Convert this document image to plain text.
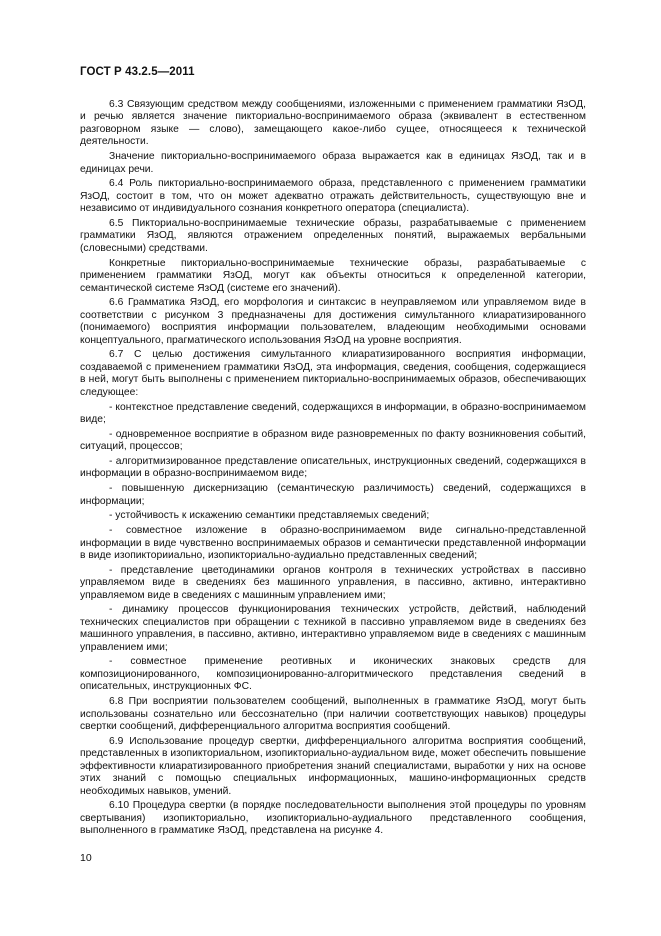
ГОСТ Р 43.2.5—2011

6.3 Связующим средством между сообщениями, изложенными с применением грамматики ЯзОД, и речью является значение пикториально-воспринимаемого образа (эквивалент в естественном разговорном языке — слово), замещающего какое-либо сущее, относящееся к технической деятельности.

Значение пикториально-воспринимаемого образа выражается как в единицах ЯзОД, так и в единицах речи.

6.4 Роль пикториально-воспринимаемого образа, представленного с применением грамматики ЯзОД, состоит в том, что он может адекватно отражать действительность, существующую вне и независимо от индивидуального сознания конкретного оператора (специалиста).

6.5 Пикториально-воспринимаемые технические образы, разрабатываемые с применением грамматики ЯзОД, являются отражением определенных понятий, выражаемых вербальными (словесными) средствами.

Конкретные пикториально-воспринимаемые технические образы, разрабатываемые с применением грамматики ЯзОД, могут как объекты относиться к определенной категории, семантической системе ЯзОД (системе его значений).

6.6 Грамматика ЯзОД, его морфология и синтаксис в неуправляемом или управляемом виде в соответствии с рисунком 3 предназначены для достижения симультанного клиаратизированного (понимаемого) восприятия информации пользователем, владеющим необходимыми основами концептуального, прагматического использования ЯзОД на уровне восприятия.

6.7 С целью достижения симультанного клиаратизированного восприятия информации, создаваемой с применением грамматики ЯзОД, эта информация, сведения, сообщения, содержащиеся в ней, могут быть выполнены с применением пикториально-воспринимаемых образов, обеспечивающих следующее:

- контекстное представление сведений, содержащихся в информации, в образно-воспринимаемом виде;

- одновременное восприятие в образном виде разновременных по факту возникновения событий, ситуаций, процессов;

- алгоритмизированное представление описательных, инструкционных сведений, содержащихся в информации в образно-воспринимаемом виде;

- повышенную дискернизацию (семантическую различимость) сведений, содержащихся в информации;

- устойчивость к искажению семантики представляемых сведений;

- совместное изложение в образно-воспринимаемом виде сигнально-представленной информации в виде чувственно воспринимаемых образов и семантически представленной информации в виде изопикторииально, изопикториально-аудиально представленных сведений;

- представление цветодинамики органов контроля в технических устройствах в пассивно управляемом виде в сведениях без машинного управления, в пассивно, активно, интерактивно управляемом виде в сведениях с машинным управлением ими;

- динамику процессов функционирования технических устройств, действий, наблюдений технических специалистов при обращении с техникой в пассивно управляемом виде в сведениях без машинного управления, в пассивно, активно, интерактивно управляемом виде в сведениях с машинным управлением ими;

- совместное применение реотивных и иконических знаковых средств для композиционированного, композиционированно-алгоритмического представления сведений в описательных, инструкционных ФС.

6.8 При восприятии пользователем сообщений, выполненных в грамматике ЯзОД, могут быть использованы сознательно или бессознательно (при наличии соответствующих навыков) процедуры свертки сообщений, дифференциального алгоритма восприятия сообщений.

6.9 Использование процедур свертки, дифференциального алгоритма восприятия сообщений, представленных в изопикториальном, изопикториально-аудиальном виде, может обеспечить повышение эффективности клиаратизированного приобретения знаний специалистами, выработки у них на основе этих знаний с помощью специальных информационных, машино-информационных средств необходимых навыков, умений.

6.10 Процедура свертки (в порядке последовательности выполнения этой процедуры по уровням свертывания) изопикториально, изопикториально-аудиального представленного сообщения, выполненного в грамматике ЯзОД, представлена на рисунке 4.

10
